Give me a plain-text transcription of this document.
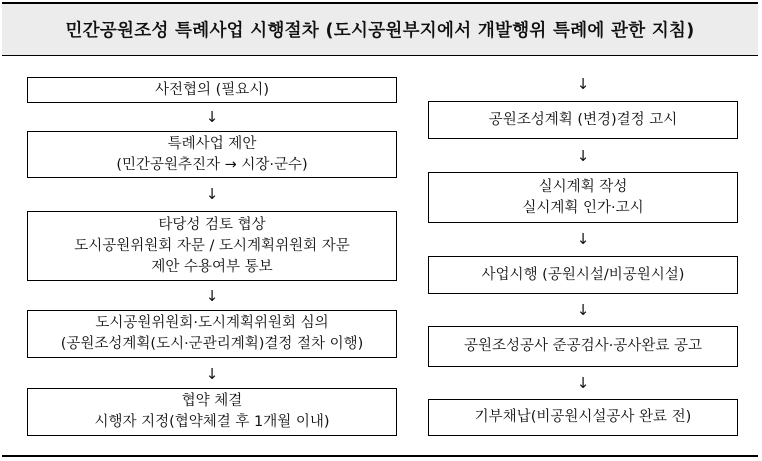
민간공원조성 특례사업 시행절차 (도시공원부지에서 개발행위 특례에 관한 지침)
사전협의 (필요시)
↓
특례사업 제안
(민간공원추진자 → 시장·군수)
↓
타당성 검토 협상
도시공원위원회 자문 / 도시계획위원회 자문
제안 수용여부 통보
↓
도시공원위원회·도시계획위원회 심의
(공원조성계획(도시·군관리계획)결정 절차 이행)
↓
협약 체결
시행자 지정(협약체결 후 1개월 이내)
↓
공원조성계획 (변경)결정 고시
↓
실시계획 작성
실시계획 인가·고시
↓
사업시행 (공원시설/비공원시설)
↓
공원조성공사 준공검사·공사완료 공고
↓
기부채납(비공원시설공사 완료 전)
